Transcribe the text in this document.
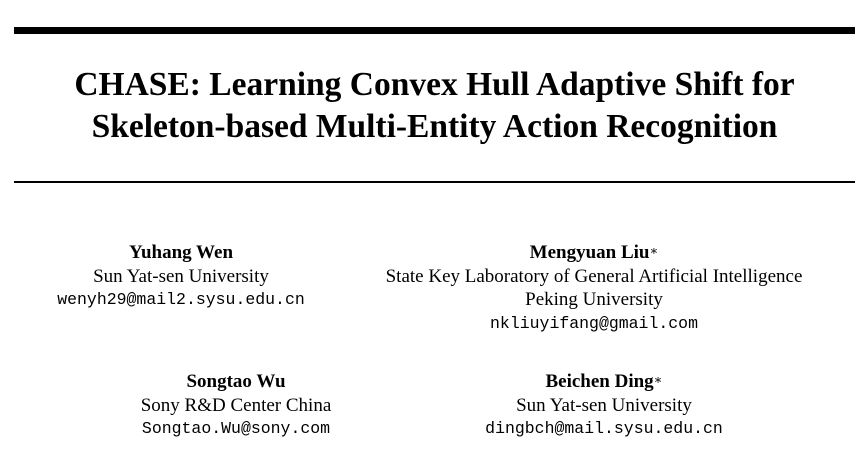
CHASE: Learning Convex Hull Adaptive Shift for
Skeleton-based Multi-Entity Action Recognition
Yuhang Wen
Sun Yat-sen University
wenyh29@mail2.sysu.edu.cn
Mengyuan Liu∗
State Key Laboratory of General Artificial Intelligence
Peking University
nkliuyifang@gmail.com
Songtao Wu
Sony R&D Center China
Songtao.Wu@sony.com
Beichen Ding∗
Sun Yat-sen University
dingbch@mail.sysu.edu.cn
